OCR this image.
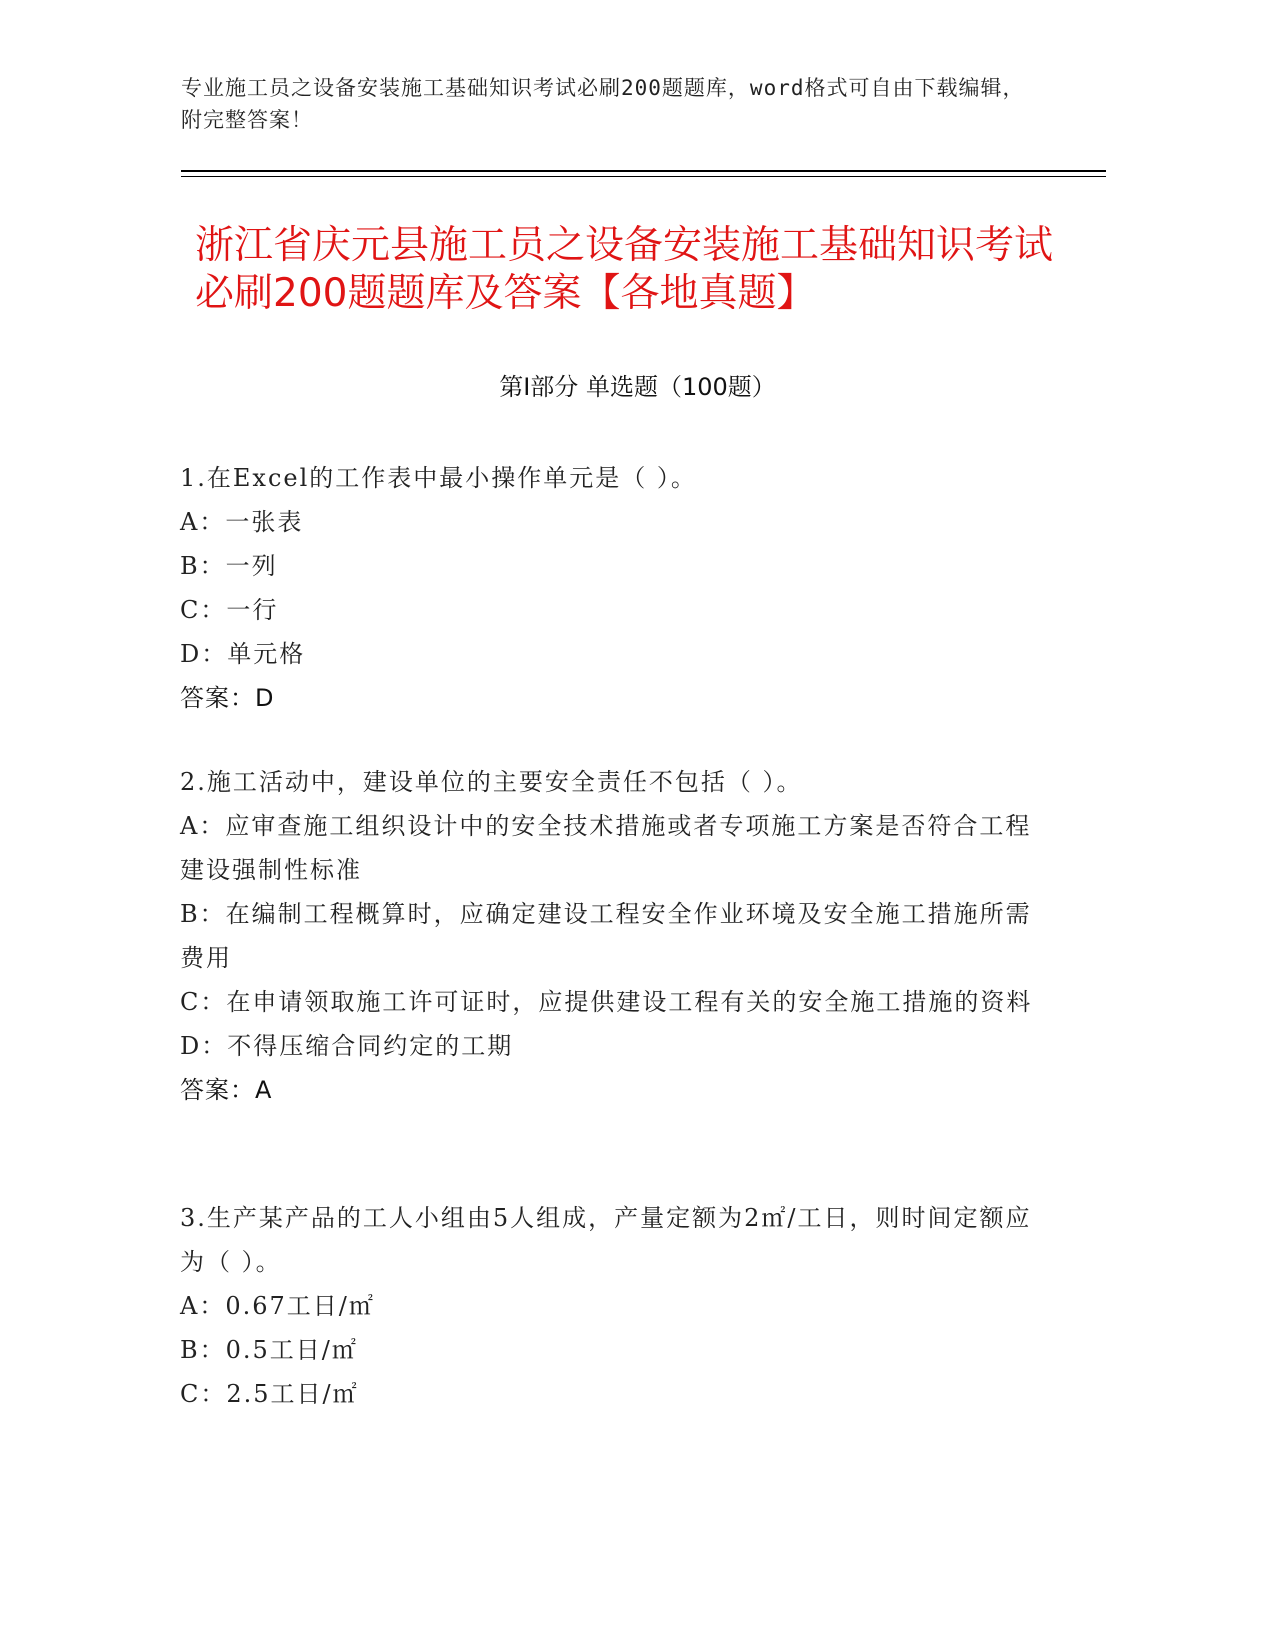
专业施工员之设备安装施工基础知识考试必刷200题题库，word格式可自由下载编辑，附完整答案！
浙江省庆元县施工员之设备安装施工基础知识考试必刷200题题库及答案【各地真题】
第Ⅰ部分 单选题（100题）
1.在Excel的工作表中最小操作单元是（ ）。
A：一张表
B：一列
C：一行
D：单元格
答案：D
2.施工活动中，建设单位的主要安全责任不包括（ ）。
A：应审查施工组织设计中的安全技术措施或者专项施工方案是否符合工程建设强制性标准
B：在编制工程概算时，应确定建设工程安全作业环境及安全施工措施所需费用
C：在申请领取施工许可证时，应提供建设工程有关的安全施工措施的资料
D：不得压缩合同约定的工期
答案：A
3.生产某产品的工人小组由5人组成，产量定额为2㎡/工日，则时间定额应为（ ）。
A：0.67工日/㎡
B：0.5工日/㎡
C：2.5工日/㎡
